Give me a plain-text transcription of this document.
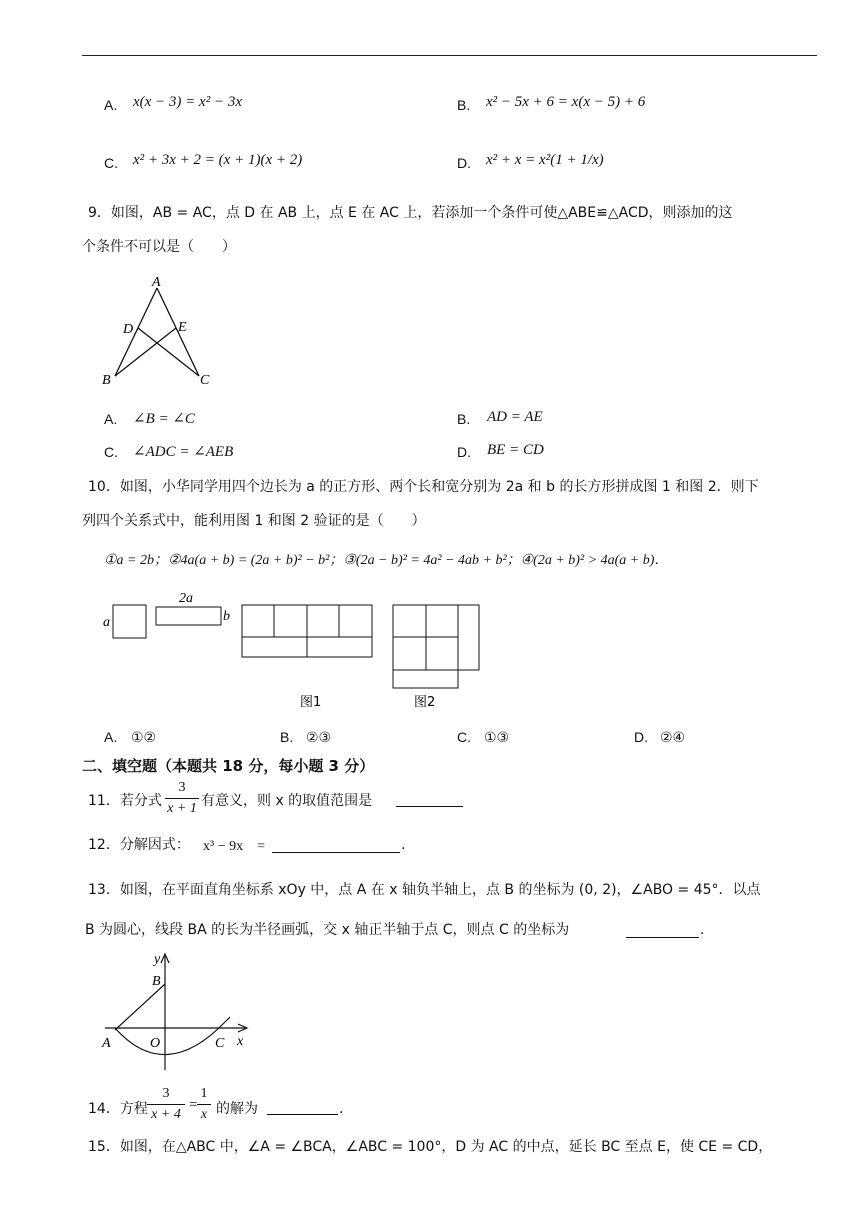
A. x(x − 3) = x² − 3x	B. x² − 5x + 6 = x(x − 5) + 6
C. x² + 3x + 2 = (x + 1)(x + 2)	D. x² + x = x²(1 + 1/x)
9．如图，AB = AC，点 D 在 AB 上，点 E 在 AC 上，若添加一个条件可使△ABE≌△ACD，则添加的这
个条件不可以是（　　）
A
D	E
B	C
A. ∠B = ∠C	B. AD = AE
C. ∠ADC = ∠AEB	D. BE = CD
10．如图，小华同学用四个边长为 a 的正方形、两个长和宽分别为 2a 和 b 的长方形拼成图 1 和图 2．则下
列四个关系式中，能利用图 1 和图 2 验证的是（　　）
①a = 2b；②4a(a + b) = (2a + b)² − b²；③(2a − b)² = 4a² − 4ab + b²；④(2a + b)² > 4a(a + b)．
a
2a
b
图1	图2
A. ①②	B. ②③	C. ①③	D. ②④
二、填空题（本题共 18 分，每小题 3 分）
11．若分式
3
x + 1 有意义，则 x 的取值范围是
12．分解因式： x³ − 9x　=	.
13．如图，在平面直角坐标系 xOy 中，点 A 在 x 轴负半轴上，点 B 的坐标为 (0, 2)，∠ABO = 45°．以点
B 为圆心，线段 BA 的长为半径画弧，交 x 轴正半轴于点 C，则点 C 的坐标为	.
y
B
A	O	C x
14．方程
3
x + 4
=
1
x 的解为	.
15．如图，在△ABC 中，∠A = ∠BCA，∠ABC = 100°，D 为 AC 的中点，延长 BC 至点 E，使 CE = CD，
